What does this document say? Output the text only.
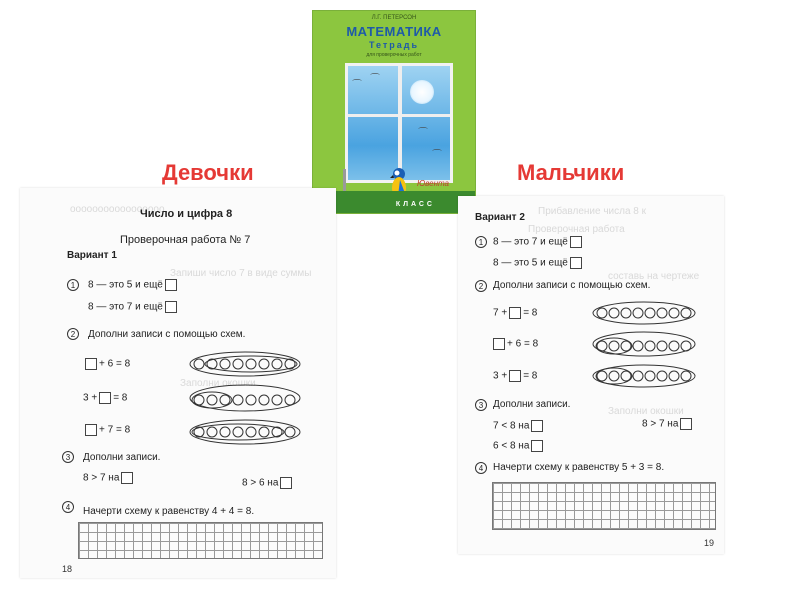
Л.Г. ПЕТЕРСОН
МАТЕМАТИКА
Тетрадь
для проверочных работ
⌒
⌒
⌒
⌒
Ювента
КЛАСС
Девочки	Мальчики
ооооооооооооооооо
Запиши число 7 в виде суммы
Заполни окошки
Число и цифра 8
Проверочная работа № 7
Вариант 1
1	8 — это 5 и ещё
8 — это 7 и ещё
2	Дополни записи с помощью схем.
+ 6 = 8
3 + = 8
+ 7 = 8
3	Дополни записи.
8 > 7 на	8 > 6 на
4	Начерти схему к равенству 4 + 4 = 8.
18
Прибавление числа 8 к
Проверочная работа
составь на чертеже
Заполни окошки
Вариант 2
1 8 — это 7 и ещё
8 — это 5 и ещё
2 Дополни записи с помощью схем.
7 + = 8
+ 6 = 8
3 + = 8
3 Дополни записи.
7 < 8 на	8 > 7 на
6 < 8 на
4 Начерти схему к равенству 5 + 3 = 8.
19
